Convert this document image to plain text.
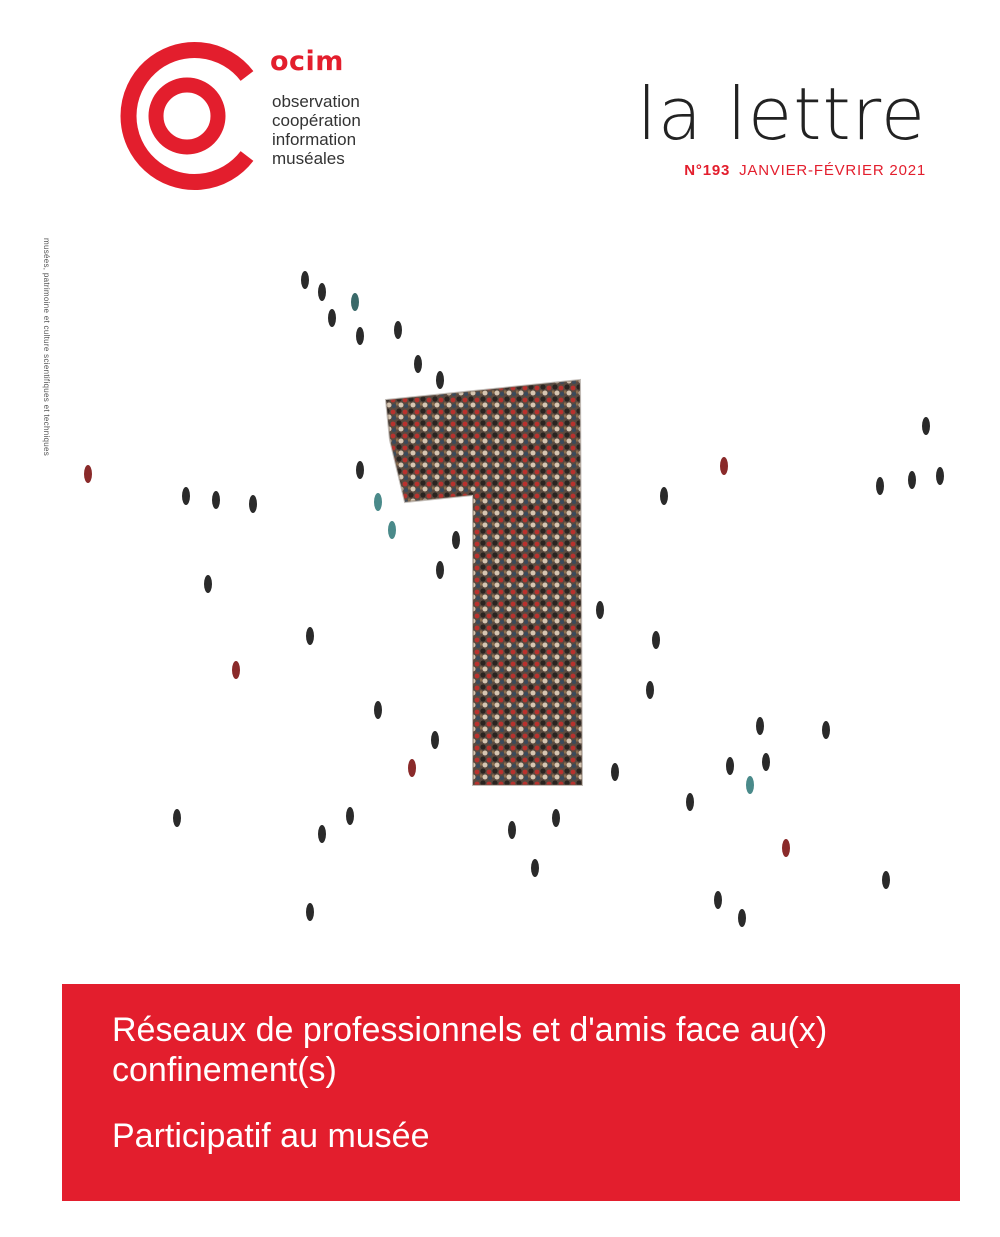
ocim
observation
coopération
information
muséales
la lettre
N°193 JANVIER-FÉVRIER 2021
musées, patrimoine et culture scientifiques et techniques
Réseaux de professionnels et d'amis face au(x) confinement(s)
Participatif au musée
